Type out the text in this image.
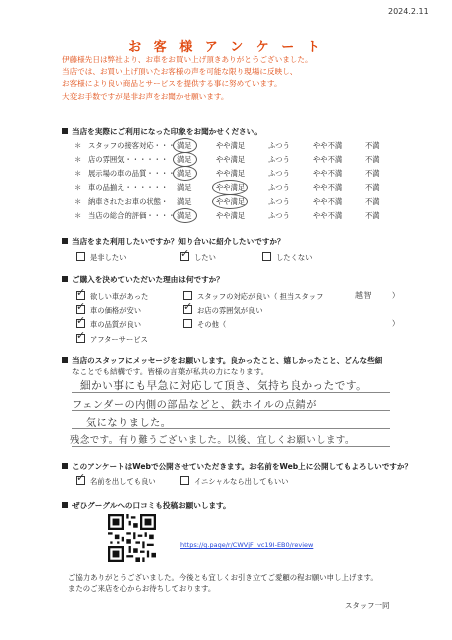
2024.2.11
お 客 様 ア ン ケ ー ト
伊藤様先日は弊社より、お車をお買い上げ頂きありがとうございました。
当店では、お買い上げ頂いたお客様の声を可能な限り現場に反映し、
お客様により良い商品とサービスを提供する事に努めています。
大変お手数ですが是非お声をお聞かせ願います。
当店を実際にご利用になった印象をお聞かせください。
＊ スタッフの接客対応・・・ 満足	やや満足	ふつう	やや不満	不満
＊ 店の雰囲気・・・・・・ 満足	やや満足	ふつう	やや不満	不満
＊ 展示場の車の品質・・・・ 満足	やや満足	ふつう	やや不満	不満
＊ 車の品揃え・・・・・・ 満足	やや満足	ふつう	やや不満	不満
＊ 納車されたお車の状態・ 満足	やや満足	ふつう	やや不満	不満
＊ 当店の総合的評価・・・・ 満足	やや満足	ふつう	やや不満	不満
当店をまた利用したいですか？知り合いに紹介したいですか？
是非したい
✓	したい	したくない
ご購入を決めていただいた理由は何ですか？
✓欲しい車があった
✓車の価格が安い
✓車の品質が良い
✓アフターサービス
スタッフの対応が良い（ 担当スタッフ	越智	）
✓お店の雰囲気が良い
その他（	）
当店のスタッフにメッセージをお願いします。良かったこと、嬉しかったこと、どんな些細
なことでも結構です。皆様の言葉が私共の力になります。
細かい事にも早急に対応して頂き、気持ち良かったです。
フェンダーの内側の部品などと、鉄ホイルの点錆が
気になりました。
残念です。有り難うございました。以後、宜しくお願いします。
このアンケートはWebで公開させていただきます。お名前をWeb上に公開してもよろしいですか？
✓名前を出しても良い	イニシャルなら出してもいい
ぜひグーグルへの口コミも投稿お願いします。
https://g.page/r/CWVjF_vc19I-EB0/review
ご協力ありがとうございました。今後とも宜しくお引き立てご愛顧の程お願い申し上げます。
またのご来店を心からお待ちしております。
スタッフ一同
